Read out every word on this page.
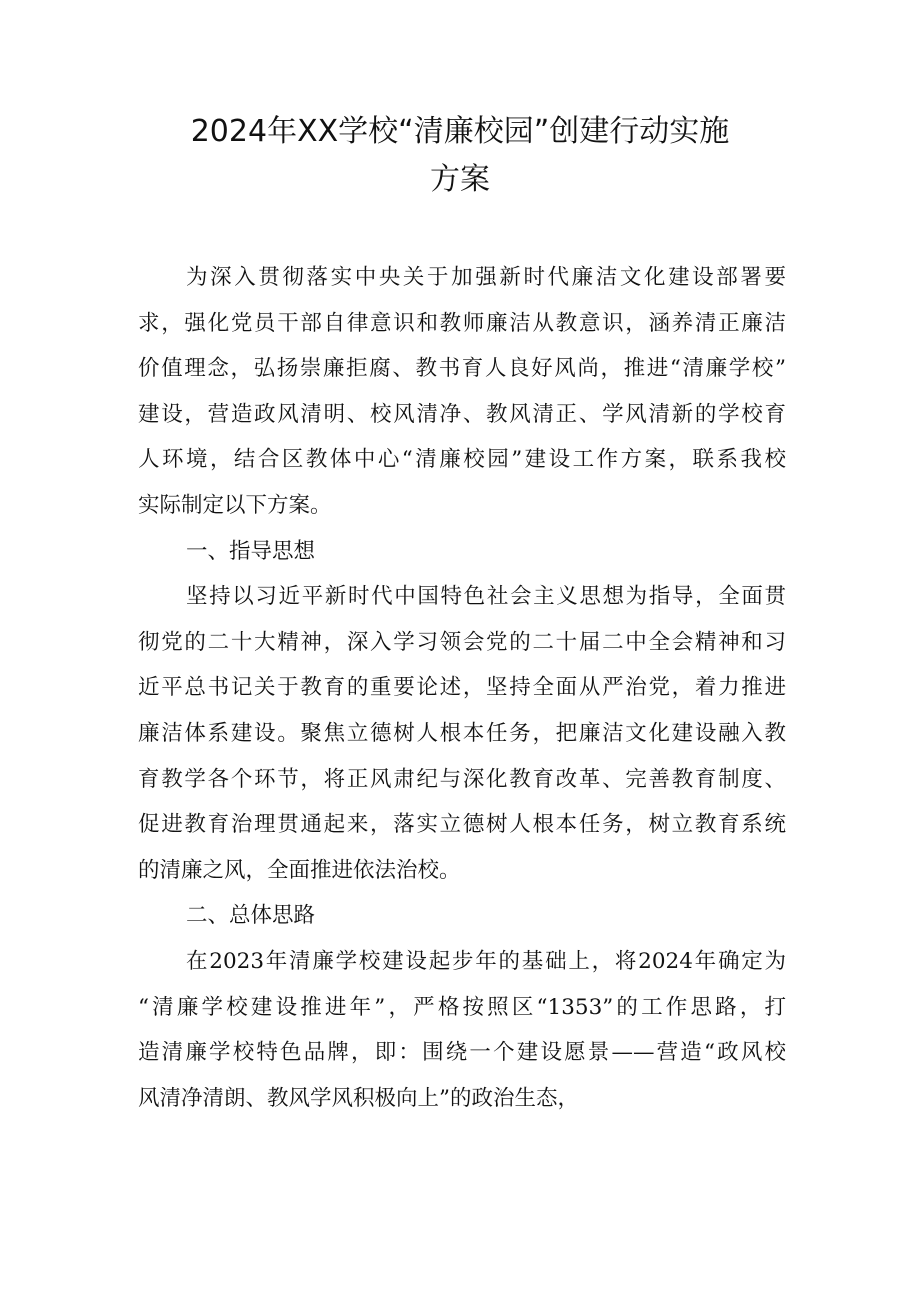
2024年XX学校“清廉校园”创建行动实施
方案
为深入贯彻落实中央关于加强新时代廉洁文化建设部署要
求，强化党员干部自律意识和教师廉洁从教意识，涵养清正廉洁
价值理念，弘扬崇廉拒腐、教书育人良好风尚，推进“清廉学校”
建设，营造政风清明、校风清净、教风清正、学风清新的学校育
人环境，结合区教体中心“清廉校园”建设工作方案，联系我校
实际制定以下方案。
一、指导思想
坚持以习近平新时代中国特色社会主义思想为指导，全面贯
彻党的二十大精神，深入学习领会党的二十届二中全会精神和习
近平总书记关于教育的重要论述，坚持全面从严治党，着力推进
廉洁体系建设。聚焦立德树人根本任务，把廉洁文化建设融入教
育教学各个环节，将正风肃纪与深化教育改革、完善教育制度、
促进教育治理贯通起来，落实立德树人根本任务，树立教育系统
的清廉之风，全面推进依法治校。
二、总体思路
在2023年清廉学校建设起步年的基础上，将2024年确定为
“清廉学校建设推进年”，严格按照区“1353”的工作思路，打
造清廉学校特色品牌，即：围绕一个建设愿景——营造“政风校
风清净清朗、教风学风积极向上”的政治生态，
